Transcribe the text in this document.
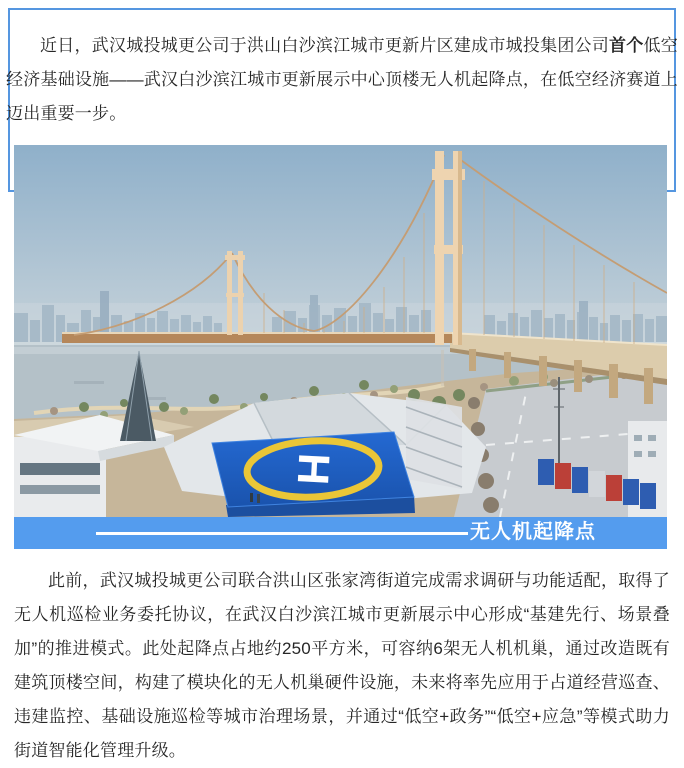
近日，武汉城投城更公司于洪山白沙滨江城市更新片区建成市城投集团公司首个低空经济基础设施——武汉白沙滨江城市更新展示中心顶楼无人机起降点，在低空经济赛道上迈出重要一步。

H
无人机起降点

此前，武汉城投城更公司联合洪山区张家湾街道完成需求调研与功能适配，取得了无人机巡检业务委托协议，在武汉白沙滨江城市更新展示中心形成“基建先行、场景叠加”的推进模式。此处起降点占地约250平方米，可容纳6架无人机机巢，通过改造既有建筑顶楼空间，构建了模块化的无人机巢硬件设施，未来将率先应用于占道经营巡查、违建监控、基础设施巡检等城市治理场景，并通过“低空+政务”“低空+应急”等模式助力街道智能化管理升级。
